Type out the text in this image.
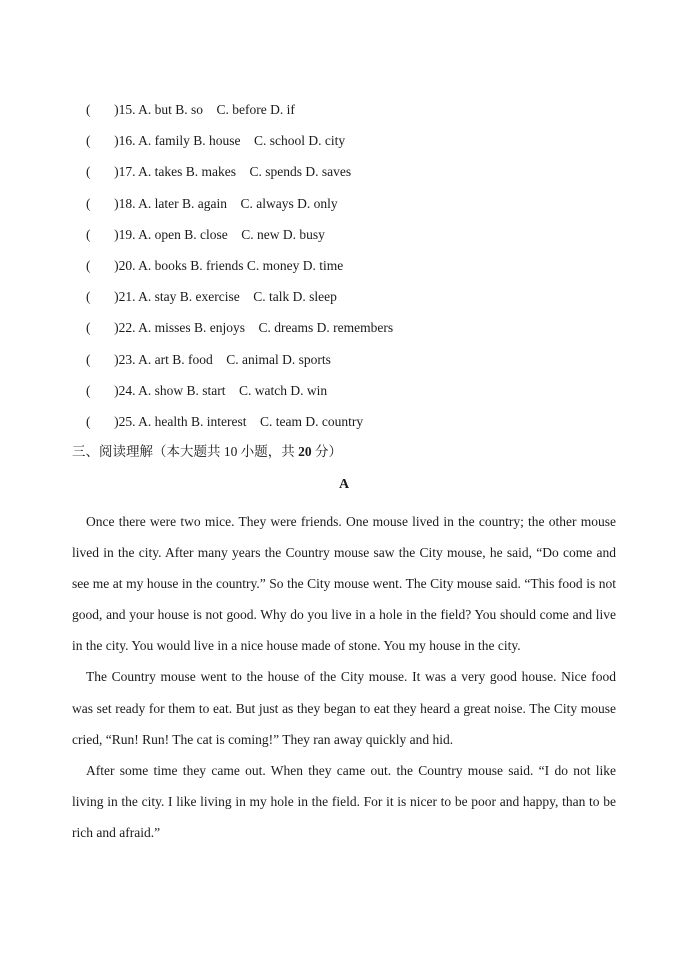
(   )15. A. but B. so    C. before D. if
(   )16. A. family B. house    C. school D. city
(   )17. A. takes B. makes    C. spends D. saves
(   )18. A. later B. again    C. always D. only
(   )19. A. open B. close    C. new D. busy
(   )20. A. books B. friends C. money D. time
(   )21. A. stay B. exercise    C. talk D. sleep
(   )22. A. misses B. enjoys    C. dreams D. remembers
(   )23. A. art B. food    C. animal D. sports
(   )24. A. show B. start    C. watch D. win
(   )25. A. health B. interest    C. team D. country
三、阅读理解（本大题共 10 小题，共 20 分）
A

Once there were two mice. They were friends. One mouse lived in the country; the other mouse lived in the city. After many years the Country mouse saw the City mouse, he said, “Do come and see me at my house in the country.” So the City mouse went. The City mouse said. “This food is not good, and your house is not good. Why do you live in a hole in the field? You should come and live in the city. You would live in a nice house made of stone. You my house in the city.

The Country mouse went to the house of the City mouse. It was a very good house. Nice food was set ready for them to eat. But just as they began to eat they heard a great noise. The City mouse cried, “Run! Run! The cat is coming!” They ran away quickly and hid.

After some time they came out. When they came out. the Country mouse said. “I do not like living in the city. I like living in my hole in the field. For it is nicer to be poor and happy, than to be rich and afraid.”
